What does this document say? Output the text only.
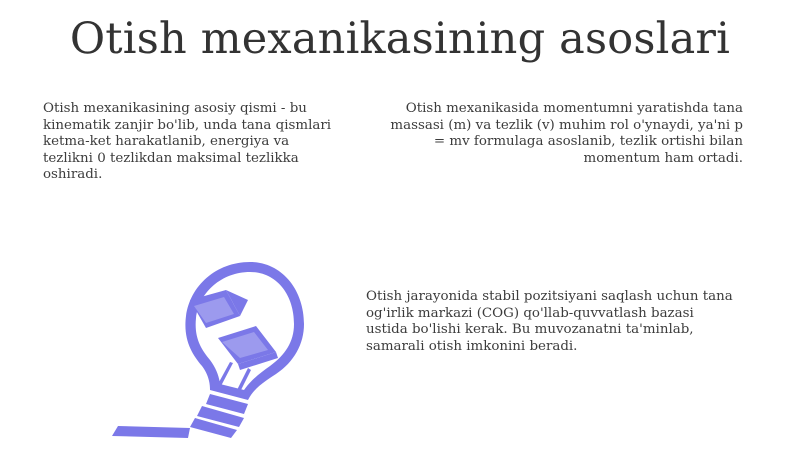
Otish mexanikasining asoslari

Otish mexanikasining asosiy qismi - bu kinematik zanjir bo'lib, unda tana qismlari ketma-ket harakatlanib, energiya va tezlikni 0 tezlikdan maksimal tezlikka oshiradi.

Otish mexanikasida momentumni yaratishda tana massasi (m) va tezlik (v) muhim rol o'ynaydi, ya'ni p = mv formulaga asoslanib, tezlik ortishi bilan momentum ham ortadi.

Otish jarayonida stabil pozitsiyani saqlash uchun tana og'irlik markazi (COG) qo'llab-quvvatlash bazasi ustida bo'lishi kerak. Bu muvozanatni ta'minlab, samarali otish imkonini beradi.
